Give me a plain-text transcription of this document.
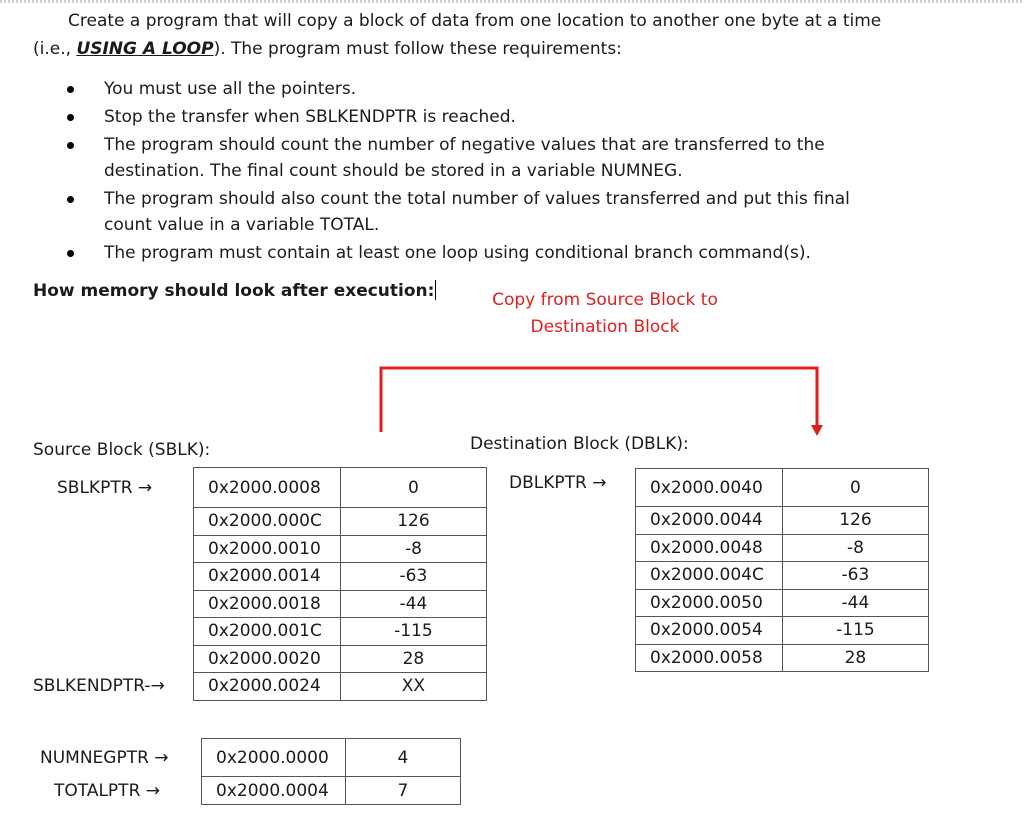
Create a program that will copy a block of data from one location to another one byte at a time (i.e., USING A LOOP). The program must follow these requirements:
You must use all the pointers.
Stop the transfer when SBLKENDPTR is reached.
The program should count the number of negative values that are transferred to the destination. The final count should be stored in a variable NUMNEG.
The program should also count the total number of values transferred and put this final count value in a variable TOTAL.
The program must contain at least one loop using conditional branch command(s).
How memory should look after execution:	Copy from Source Block to Destination Block
Source Block (SBLK):
SBLKPTR →
SBLKENDPTR-→
0x2000.0008	0
0x2000.000C	126
0x2000.0010	-8
0x2000.0014	-63
0x2000.0018	-44
0x2000.001C	-115
0x2000.0020	28
0x2000.0024	XX
Destination Block (DBLK):
DBLKPTR →	0x2000.0040	0
0x2000.0044	126
0x2000.0048	-8
0x2000.004C	-63
0x2000.0050	-44
0x2000.0054	-115
0x2000.0058	28
NUMNEGPTR →
TOTALPTR →
0x2000.0000	4
0x2000.0004	7
